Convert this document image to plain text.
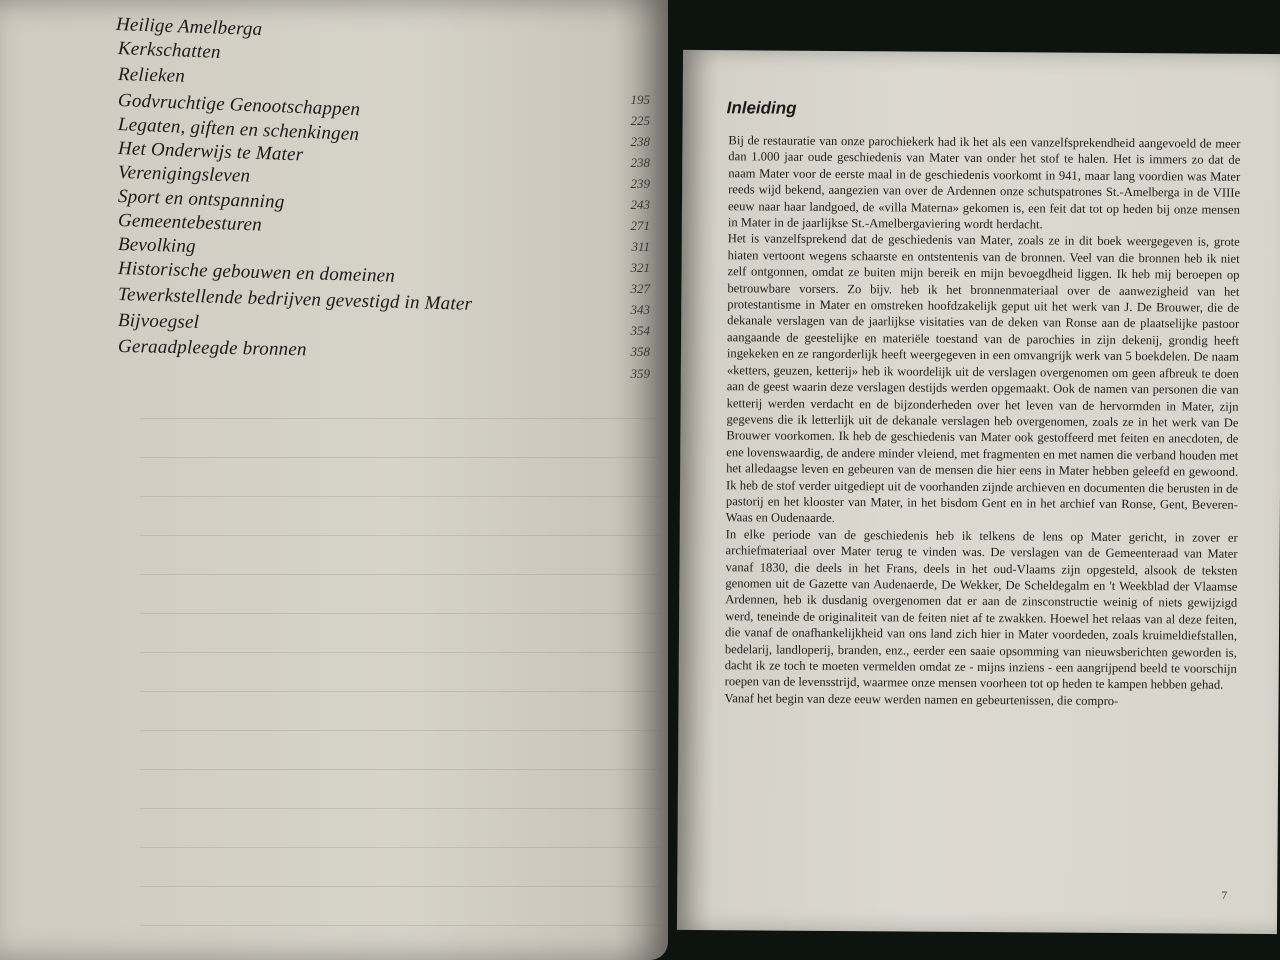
Heilige Amelberga
195
Kerkschatten
225
Relieken
238
Godvruchtige Genootschappen
238
Legaten, giften en schenkingen
239
Het Onderwijs te Mater
243
Verenigingsleven
271
Sport en ontspanning
311
Gemeentebesturen
321
Bevolking
327
Historische gebouwen en domeinen
343
Tewerkstellende bedrijven gevestigd in Mater
354
Bijvoegsel
358
Geraadpleegde bronnen
359
Inleiding

Bij de restauratie van onze parochiekerk had ik het als een vanzelfsprekendheid aangevoeld de meer dan 1.000 jaar oude geschiedenis van Mater van onder het stof te halen. Het is immers zo dat de naam Mater voor de eerste maal in de geschiedenis voorkomt in 941, maar lang voordien was Mater reeds wijd bekend, aangezien van over de Ardennen onze schutspatrones St.-Amelberga in de VIIIe eeuw naar haar landgoed, de «villa Materna» gekomen is, een feit dat tot op heden bij onze mensen in Mater in de jaarlijkse St.-Amelbergaviering wordt herdacht.

Het is vanzelfsprekend dat de geschiedenis van Mater, zoals ze in dit boek weergegeven is, grote hiaten vertoont wegens schaarste en ontstentenis van de bronnen. Veel van die bronnen heb ik niet zelf ontgonnen, omdat ze buiten mijn bereik en mijn bevoegdheid liggen. Ik heb mij beroepen op betrouwbare vorsers. Zo bijv. heb ik het bronnenmateriaal over de aanwezigheid van het protestantisme in Mater en omstreken hoofdzakelijk geput uit het werk van J. De Brouwer, die de dekanale verslagen van de jaarlijkse visitaties van de deken van Ronse aan de plaatselijke pastoor aangaande de geestelijke en materiële toestand van de parochies in zijn dekenij, grondig heeft ingekeken en ze rangorderlijk heeft weergegeven in een omvangrijk werk van 5 boekdelen. De naam «ketters, geuzen, ketterij» heb ik woordelijk uit de verslagen overgenomen om geen afbreuk te doen aan de geest waarin deze verslagen destijds werden opgemaakt. Ook de namen van personen die van ketterij werden verdacht en de bijzonderheden over het leven van de hervormden in Mater, zijn gegevens die ik letterlijk uit de dekanale verslagen heb overgenomen, zoals ze in het werk van De Brouwer voorkomen. Ik heb de geschiedenis van Mater ook gestoffeerd met feiten en anecdoten, de ene lovenswaardig, de andere minder vleiend, met fragmenten en met namen die verband houden met het alledaagse leven en gebeuren van de mensen die hier eens in Mater hebben geleefd en gewoond. Ik heb de stof verder uitgediept uit de voorhanden zijnde archieven en documenten die berusten in de pastorij en het klooster van Mater, in het bisdom Gent en in het archief van Ronse, Gent, Beveren-Waas en Oudenaarde.

In elke periode van de geschiedenis heb ik telkens de lens op Mater gericht, in zover er archiefmateriaal over Mater terug te vinden was. De verslagen van de Gemeenteraad van Mater vanaf 1830, die deels in het Frans, deels in het oud-Vlaams zijn opgesteld, alsook de teksten genomen uit de Gazette van Audenaerde, De Wekker, De Scheldegalm en 't Weekblad der Vlaamse Ardennen, heb ik dusdanig overgenomen dat er aan de zinsconstructie weinig of niets gewijzigd werd, teneinde de originaliteit van de feiten niet af te zwakken. Hoewel het relaas van al deze feiten, die vanaf de onafhankelijkheid van ons land zich hier in Mater voordeden, zoals kruimeldiefstallen, bedelarij, landloperij, branden, enz., eerder een saaie opsomming van nieuwsberichten geworden is, dacht ik ze toch te moeten vermelden omdat ze - mijns inziens - een aangrijpend beeld te voorschijn roepen van de levensstrijd, waarmee onze mensen voorheen tot op heden te kampen hebben gehad.

Vanaf het begin van deze eeuw werden namen en gebeurtenissen, die compro-

7
